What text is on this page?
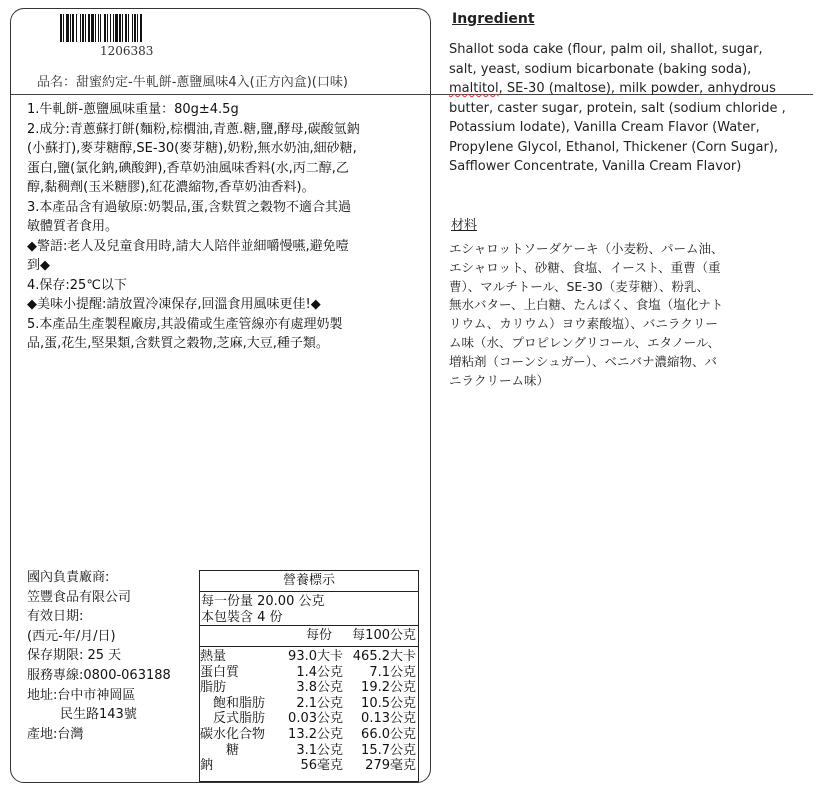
1206383
品名：甜蜜約定-牛軋餅-蔥鹽風味4入(正方內盒)(口味)
1.牛軋餅-蔥鹽風味重量：80g±4.5g
2.成分:青蔥蘇打餅(麵粉,棕櫚油,青蔥.糖,鹽,酵母,碳酸氫鈉
(小蘇打),麥芽糖醇,SE-30(麥芽糖),奶粉,無水奶油,細砂糖,
蛋白,鹽(氯化鈉,碘酸鉀),香草奶油風味香料(水,丙二醇,乙
醇,黏稠劑(玉米糖膠),紅花濃縮物,香草奶油香料)。
3.本產品含有過敏原:奶製品,蛋,含麩質之穀物不適合其過
敏體質者食用。
◆警語:老人及兒童食用時,請大人陪伴並細嚼慢嚥,避免噎
到◆
4.保存:25℃以下
◆美味小提醒:請放置冷凍保存,回溫食用風味更佳!◆
5.本產品生產製程廠房,其設備或生產管線亦有處理奶製
品,蛋,花生,堅果類,含麩質之穀物,芝麻,大豆,種子類。
國內負責廠商:
笠豐食品有限公司
有效日期:
(西元-年/月/日)
保存期限: 25 天
服務專線:0800-063188
地址:台中市神岡區
民生路143號
產地:台灣
營養標示
每一份量 20.00 公克
本包裝含 4 份
每份 每100公克
熱量	93.0大卡 465.2大卡
蛋白質	1.4公克 7.1公克
脂肪	3.8公克 19.2公克
　飽和脂肪 2.1公克 10.5公克
　反式脂肪 0.03公克 0.13公克
碳水化合物 13.2公克 66.0公克
　　糖	3.1公克 15.7公克
鈉	56毫克 279毫克
Ingredient
Shallot soda cake (flour, palm oil, shallot, sugar,
salt, yeast, sodium bicarbonate (baking soda),
maltitol, SE-30 (maltose), milk powder, anhydrous
butter, caster sugar, protein, salt (sodium chloride ,
Potassium Iodate), Vanilla Cream Flavor (Water,
Propylene Glycol, Ethanol, Thickener (Corn Sugar),
Safflower Concentrate, Vanilla Cream Flavor)
材料
エシャロットソーダケーキ（小麦粉、パーム油、
エシャロット、砂糖、食塩、イースト、重曹（重
曹）、マルチトール、SE-30（麦芽糖）、粉乳、
無水バター、上白糖、たんぱく、食塩（塩化ナト
リウム、カリウム）ヨウ素酸塩）、バニラクリー
ム味（水、プロピレングリコール、エタノール、
増粘剤（コーンシュガー）、ベニバナ濃縮物、バ
ニラクリーム味）
